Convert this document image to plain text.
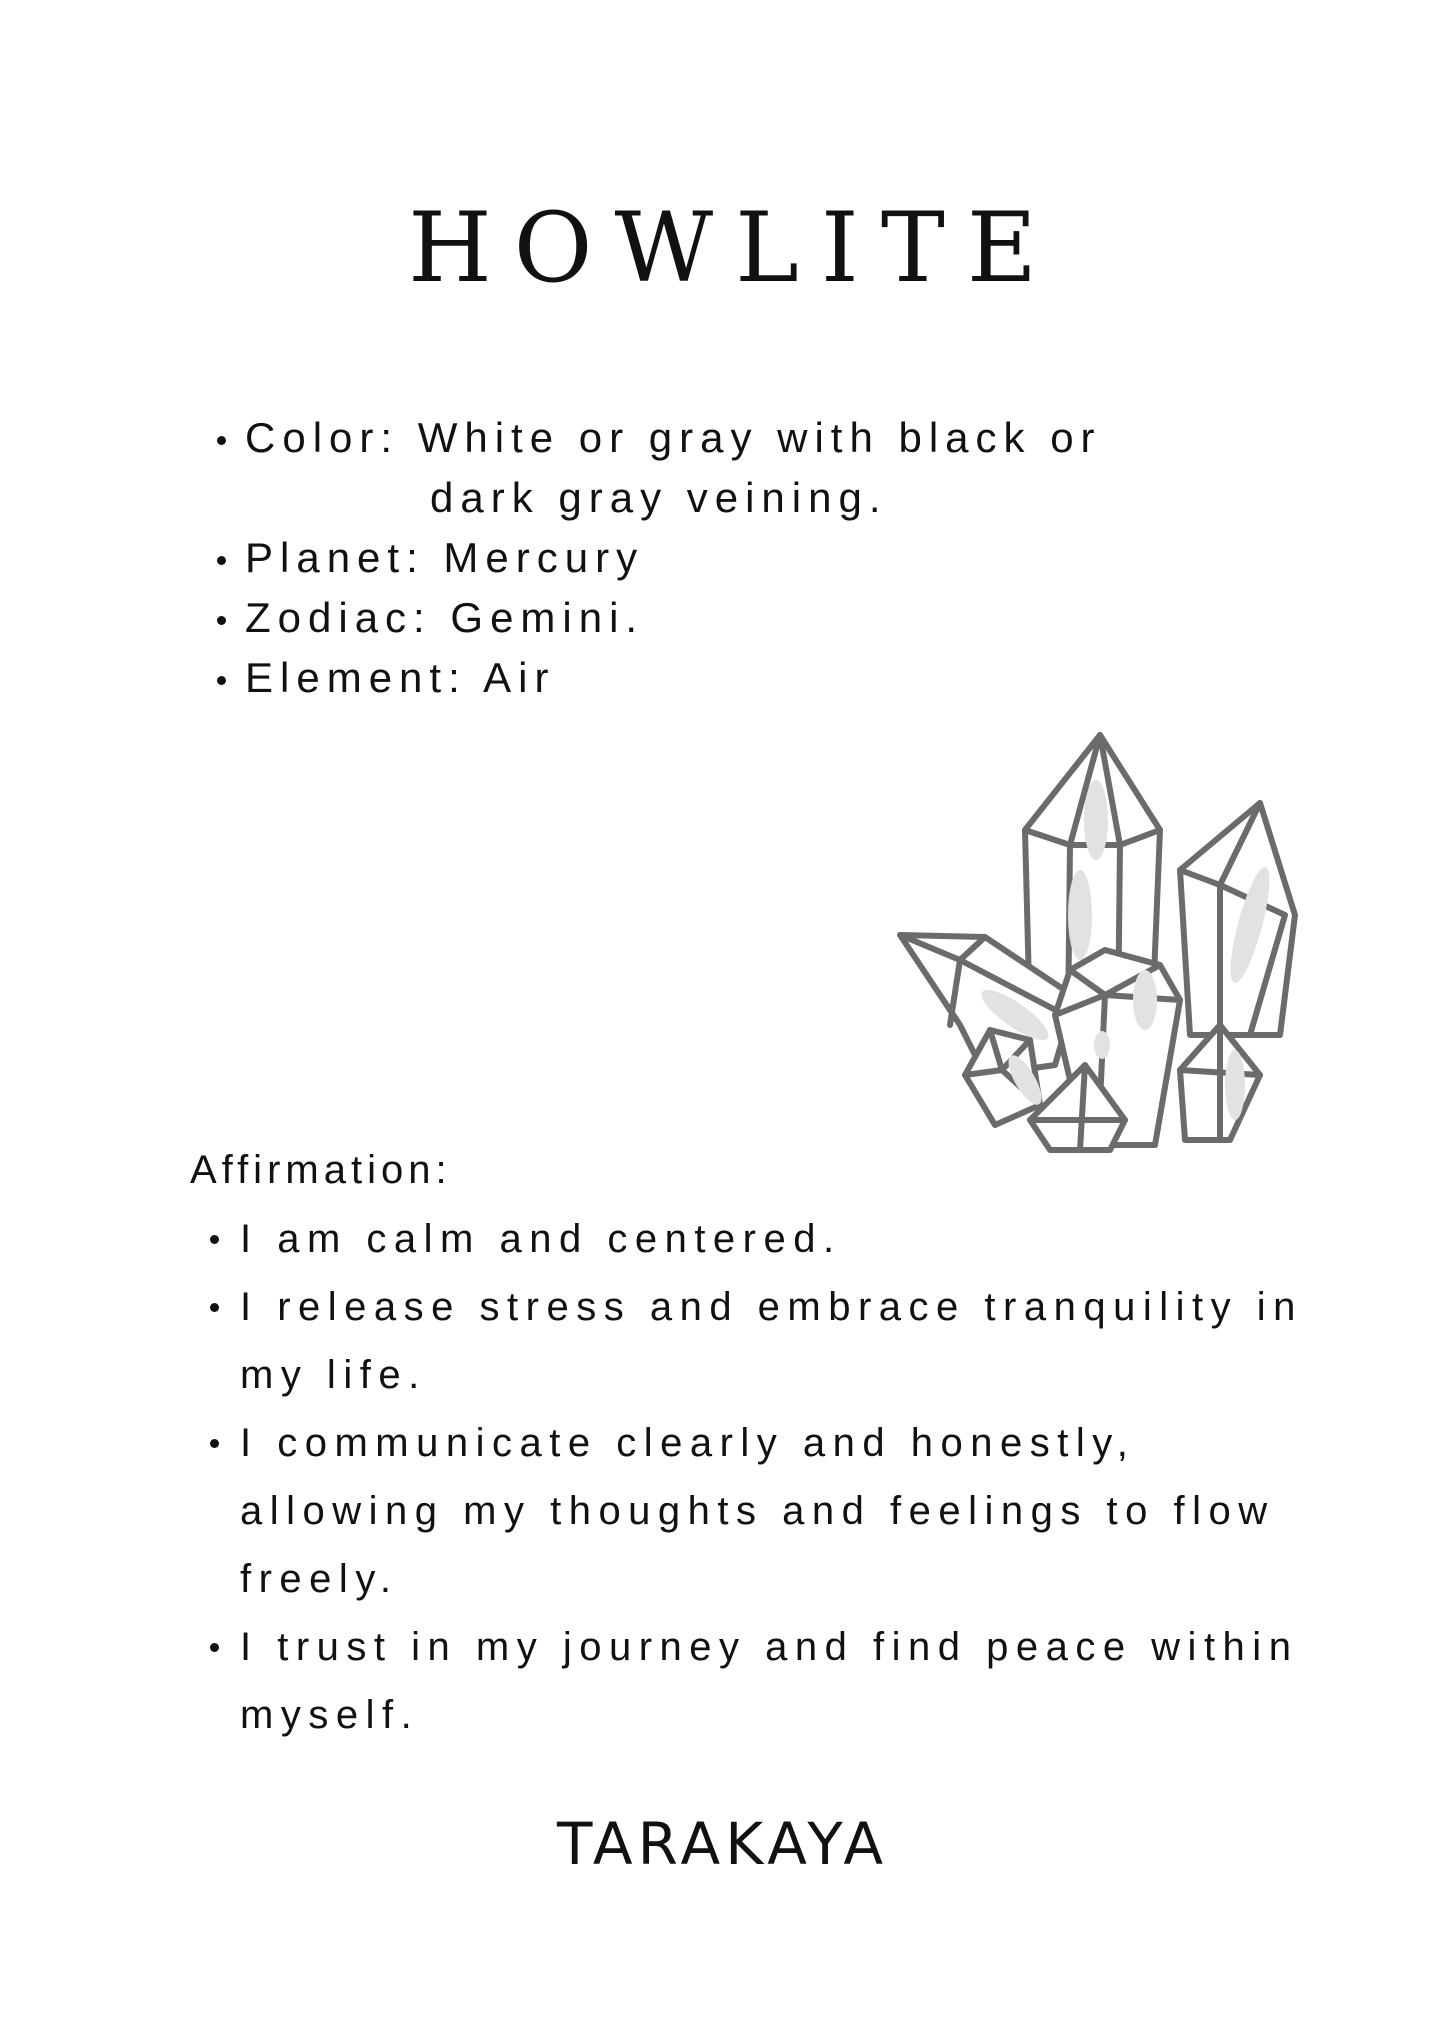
HOWLITE
Color: White or gray with black or
dark gray veining.
Planet: Mercury
Zodiac: Gemini.
Element: Air

Affirmation:

I am calm and centered.
I release stress and embrace tranquility in my life.
I communicate clearly and honestly, allowing my thoughts and feelings to flow freely.
I trust in my journey and find peace within myself.

TARAKAYA
